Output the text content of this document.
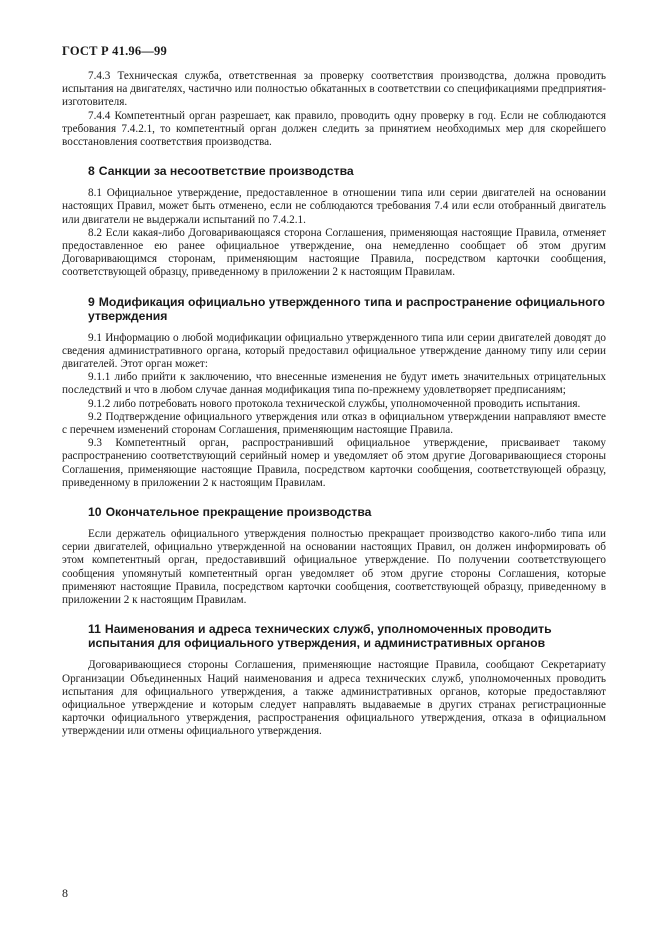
ГОСТ Р 41.96—99

7.4.3 Техническая служба, ответственная за проверку соответствия производства, должна проводить испытания на двигателях, частично или полностью обкатанных в соответствии со спецификациями предприятия-изготовителя.

7.4.4 Компетентный орган разрешает, как правило, проводить одну проверку в год. Если не соблюдаются требования 7.4.2.1, то компетентный орган должен следить за принятием необходимых мер для скорейшего восстановления соответствия производства.

8 Санкции за несоответствие производства

8.1 Официальное утверждение, предоставленное в отношении типа или серии двигателей на основании настоящих Правил, может быть отменено, если не соблюдаются требования 7.4 или если отобранный двигатель или двигатели не выдержали испытаний по 7.4.2.1.

8.2 Если какая-либо Договаривающаяся сторона Соглашения, применяющая настоящие Правила, отменяет предоставленное ею ранее официальное утверждение, она немедленно сообщает об этом другим Договаривающимся сторонам, применяющим настоящие Правила, посредством карточки сообщения, соответствующей образцу, приведенному в приложении 2 к настоящим Правилам.

9 Модификация официально утвержденного типа и распространение официального утверждения

9.1 Информацию о любой модификации официально утвержденного типа или серии двигателей доводят до сведения административного органа, который предоставил официальное утверждение данному типу или серии двигателей. Этот орган может:

9.1.1 либо прийти к заключению, что внесенные изменения не будут иметь значительных отрицательных последствий и что в любом случае данная модификация типа по-прежнему удовлетворяет предписаниям;

9.1.2 либо потребовать нового протокола технической службы, уполномоченной проводить испытания.

9.2 Подтверждение официального утверждения или отказ в официальном утверждении направляют вместе с перечнем изменений сторонам Соглашения, применяющим настоящие Правила.

9.3 Компетентный орган, распространивший официальное утверждение, присваивает такому распространению соответствующий серийный номер и уведомляет об этом другие Договаривающиеся стороны Соглашения, применяющие настоящие Правила, посредством карточки сообщения, соответствующей образцу, приведенному в приложении 2 к настоящим Правилам.

10 Окончательное прекращение производства

Если держатель официального утверждения полностью прекращает производство какого-либо типа или серии двигателей, официально утвержденной на основании настоящих Правил, он должен информировать об этом компетентный орган, предоставивший официальное утверждение. По получении соответствующего сообщения упомянутый компетентный орган уведомляет об этом другие стороны Соглашения, которые применяют настоящие Правила, посредством карточки сообщения, соответствующей образцу, приведенному в приложении 2 к настоящим Правилам.

11 Наименования и адреса технических служб, уполномоченных проводить испытания для официального утверждения, и административных органов

Договаривающиеся стороны Соглашения, применяющие настоящие Правила, сообщают Секретариату Организации Объединенных Наций наименования и адреса технических служб, уполномоченных проводить испытания для официального утверждения, а также административных органов, которые предоставляют официальное утверждение и которым следует направлять выдаваемые в других странах регистрационные карточки официального утверждения, распространения официального утверждения, отказа в официальном утверждении или отмены официального утверждения.

8
